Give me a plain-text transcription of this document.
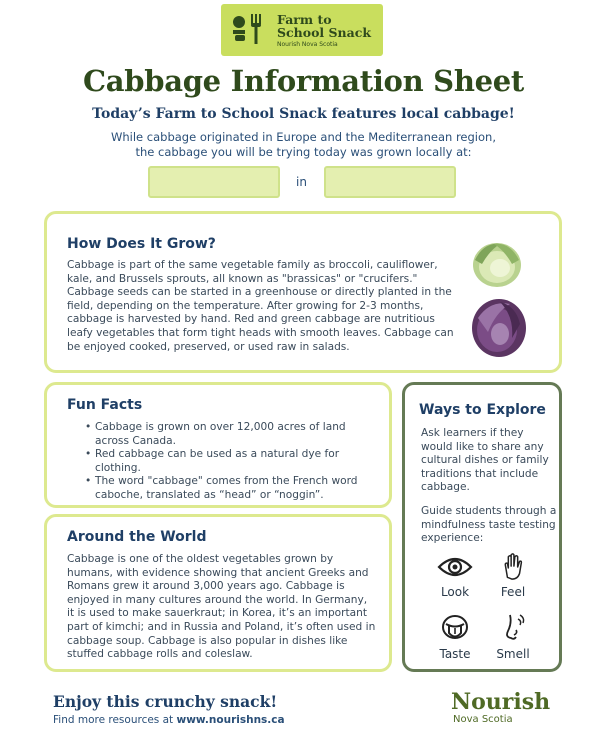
Farm to
School Snack
Nourish Nova Scotia
Cabbage Information Sheet
Today’s Farm to School Snack features local cabbage!
While cabbage originated in Europe and the Mediterranean region,
the cabbage you will be trying today was grown locally at:
in
How Does It Grow?

Cabbage is part of the same vegetable family as broccoli, cauliflower, kale, and Brussels sprouts, all known as "brassicas" or "crucifers." Cabbage seeds can be started in a greenhouse or directly planted in the field, depending on the temperature. After growing for 2-3 months, cabbage is harvested by hand. Red and green cabbage are nutritious leafy vegetables that form tight heads with smooth leaves. Cabbage can be enjoyed cooked, preserved, or used raw in salads.

Fun Facts
• Cabbage is grown on over 12,000 acres of land across Canada.
• Red cabbage can be used as a natural dye for clothing.
• The word "cabbage" comes from the French word caboche, translated as “head” or “noggin”.
Around the World

Cabbage is one of the oldest vegetables grown by humans, with evidence showing that ancient Greeks and Romans grew it around 3,000 years ago. Cabbage is enjoyed in many cultures around the world. In Germany, it is used to make sauerkraut; in Korea, it’s an important part of kimchi; and in Russia and Poland, it’s often used in cabbage soup. Cabbage is also popular in dishes like stuffed cabbage rolls and coleslaw.

Ways to Explore

Ask learners if they would like to share any cultural dishes or family traditions that include cabbage.

Guide students through a mindfulness taste testing experience:

Look	Feel
Taste	Smell
Enjoy this crunchy snack!
Find more resources at www.nourishns.ca
Nourish
Nova Scotia
